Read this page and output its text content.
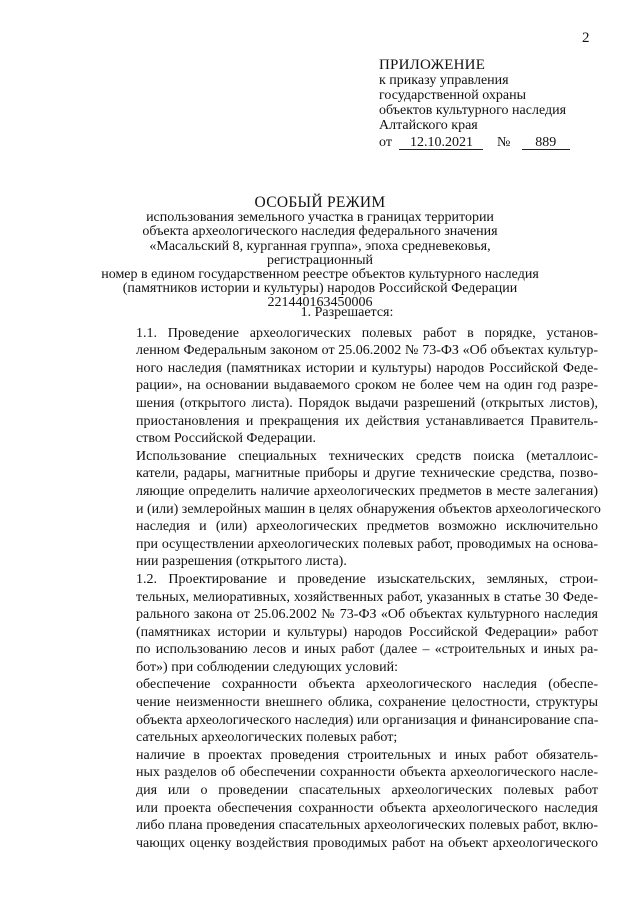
2
ПРИЛОЖЕНИЕ
к приказу управления
государственной охраны
объектов культурного наследия
Алтайского края
от 12.10.2021 № 889
ОСОБЫЙ РЕЖИМ
использования земельного участка в границах территории
объекта археологического наследия федерального значения
«Масальский 8, курганная группа», эпоха средневековья, регистрационный
номер в едином государственном реестре объектов культурного наследия
(памятников истории и культуры) народов Российской Федерации
221440163450006
1. Разрешается:
1.1. Проведение археологических полевых работ в порядке, установ-
ленном Федеральным законом от 25.06.2002 № 73-ФЗ «Об объектах культур-
ного наследия (памятниках истории и культуры) народов Российской Феде-
рации», на основании выдаваемого сроком не более чем на один год разре-
шения (открытого листа). Порядок выдачи разрешений (открытых листов),
приостановления и прекращения их действия устанавливается Правитель-
ством Российской Федерации.
Использование специальных технических средств поиска (металлоис-
катели, радары, магнитные приборы и другие технические средства, позво-
ляющие определить наличие археологических предметов в месте залегания)
и (или) землеройных машин в целях обнаружения объектов археологического
наследия и (или) археологических предметов возможно исключительно
при осуществлении археологических полевых работ, проводимых на основа-
нии разрешения (открытого листа).
1.2. Проектирование и проведение изыскательских, земляных, строи-
тельных, мелиоративных, хозяйственных работ, указанных в статье 30 Феде-
рального закона от 25.06.2002 № 73-ФЗ «Об объектах культурного наследия
(памятниках истории и культуры) народов Российской Федерации» работ
по использованию лесов и иных работ (далее – «строительных и иных ра-
бот») при соблюдении следующих условий:
обеспечение сохранности объекта археологического наследия (обеспе-
чение неизменности внешнего облика, сохранение целостности, структуры
объекта археологического наследия) или организация и финансирование спа-
сательных археологических полевых работ;
наличие в проектах проведения строительных и иных работ обязатель-
ных разделов об обеспечении сохранности объекта археологического насле-
дия или о проведении спасательных археологических полевых работ
или проекта обеспечения сохранности объекта археологического наследия
либо плана проведения спасательных археологических полевых работ, вклю-
чающих оценку воздействия проводимых работ на объект археологического
